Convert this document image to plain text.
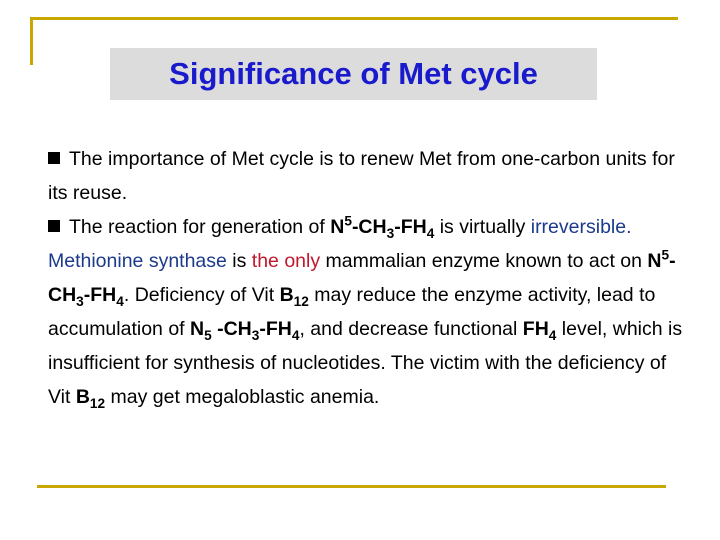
Significance of Met cycle

The importance of Met cycle is to renew Met from one-carbon units for its reuse.

The reaction for generation of $N^5-CH_3-FH_4$ is virtually irreversible. Methionine synthase is the only mammalian enzyme known to act on $N^5-CH_3-FH_4$. Deficiency of Vit $B_{12}$ may reduce the enzyme activity, lead to accumulation of $N_5$ $-CH_3-FH_4$, and decrease functional $FH_4$ level, which is insufficient for synthesis of nucleotides. The victim with the deficiency of Vit $B_{12}$ may get megaloblastic anemia.
